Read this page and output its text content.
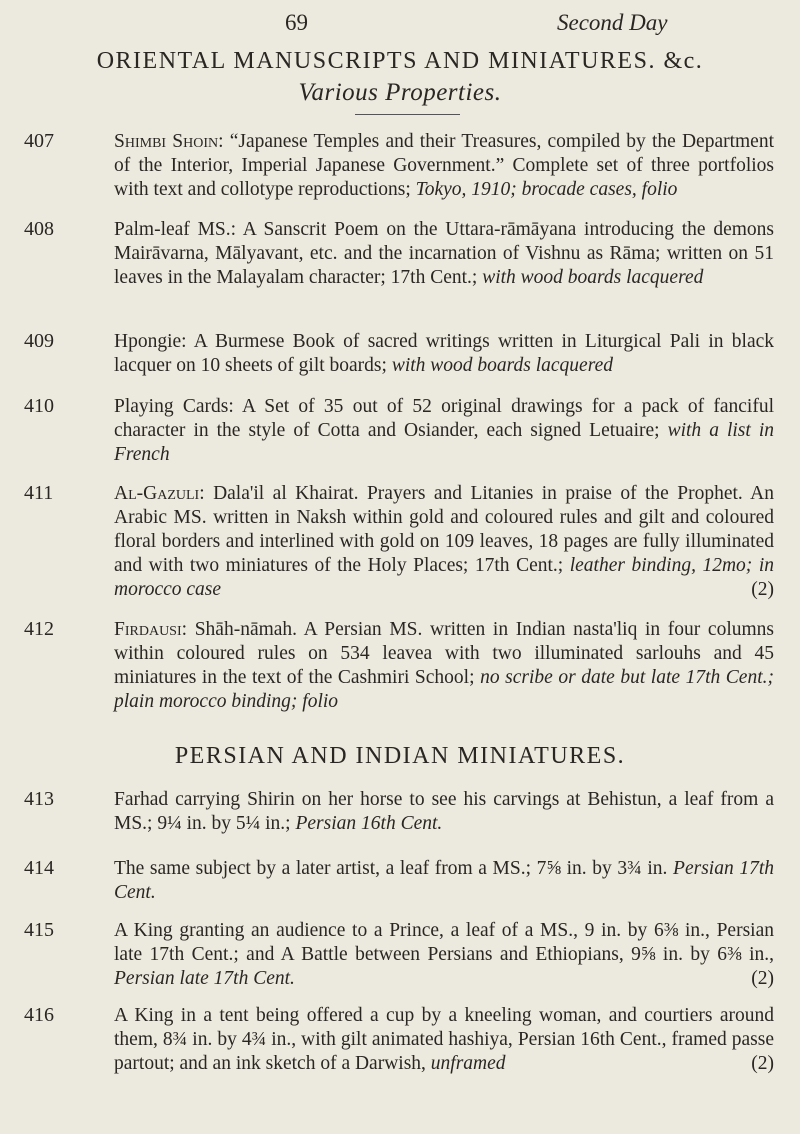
69	Second Day
ORIENTAL MANUSCRIPTS AND MINIATURES. &c.
Various Properties.
407	Shimbi Shoin: “Japanese Temples and their Treasures, compiled by the Department of the Interior, Imperial Japanese Government.” Complete set of three portfolios with text and collotype reproductions; Tokyo, 1910; brocade cases, folio
408	Palm-leaf MS.: A Sanscrit Poem on the Uttara-rāmāyana introducing the demons Mairāvarna, Mālyavant, etc. and the incarnation of Vishnu as Rāma; written on 51 leaves in the Malayalam character; 17th Cent.; with wood boards lacquered
409	Hpongie: A Burmese Book of sacred writings written in Liturgical Pali in black lacquer on 10 sheets of gilt boards; with wood boards lacquered
410	Playing Cards: A Set of 35 out of 52 original drawings for a pack of fanciful character in the style of Cotta and Osiander, each signed Letuaire; with a list in French
411	Al-Gazuli: Dala'il al Khairat. Prayers and Litanies in praise of the Prophet. An Arabic MS. written in Naksh within gold and coloured rules and gilt and coloured floral borders and interlined with gold on 109 leaves, 18 pages are fully illuminated and with two miniatures of the Holy Places; 17th Cent.; leather binding, 12mo; in morocco case	(2)
412	Firdausi: Shāh-nāmah. A Persian MS. written in Indian nasta'liq in four columns within coloured rules on 534 leavea with two illuminated sarlouhs and 45 miniatures in the text of the Cashmiri School; no scribe or date but late 17th Cent.; plain morocco binding; folio
PERSIAN AND INDIAN MINIATURES.
413	Farhad carrying Shirin on her horse to see his carvings at Behistun, a leaf from a MS.; 9¼ in. by 5¼ in.; Persian 16th Cent.
414	The same subject by a later artist, a leaf from a MS.; 7⅝ in. by 3¾ in. Persian 17th Cent.
415	A King granting an audience to a Prince, a leaf of a MS., 9 in. by 6⅜ in., Persian late 17th Cent.; and A Battle between Persians and Ethiopians, 9⅝ in. by 6⅜ in., Persian late 17th Cent.	(2)
416	A King in a tent being offered a cup by a kneeling woman, and courtiers around them, 8¾ in. by 4¾ in., with gilt animated hashiya, Persian 16th Cent., framed passe partout; and an ink sketch of a Darwish, unframed	(2)
